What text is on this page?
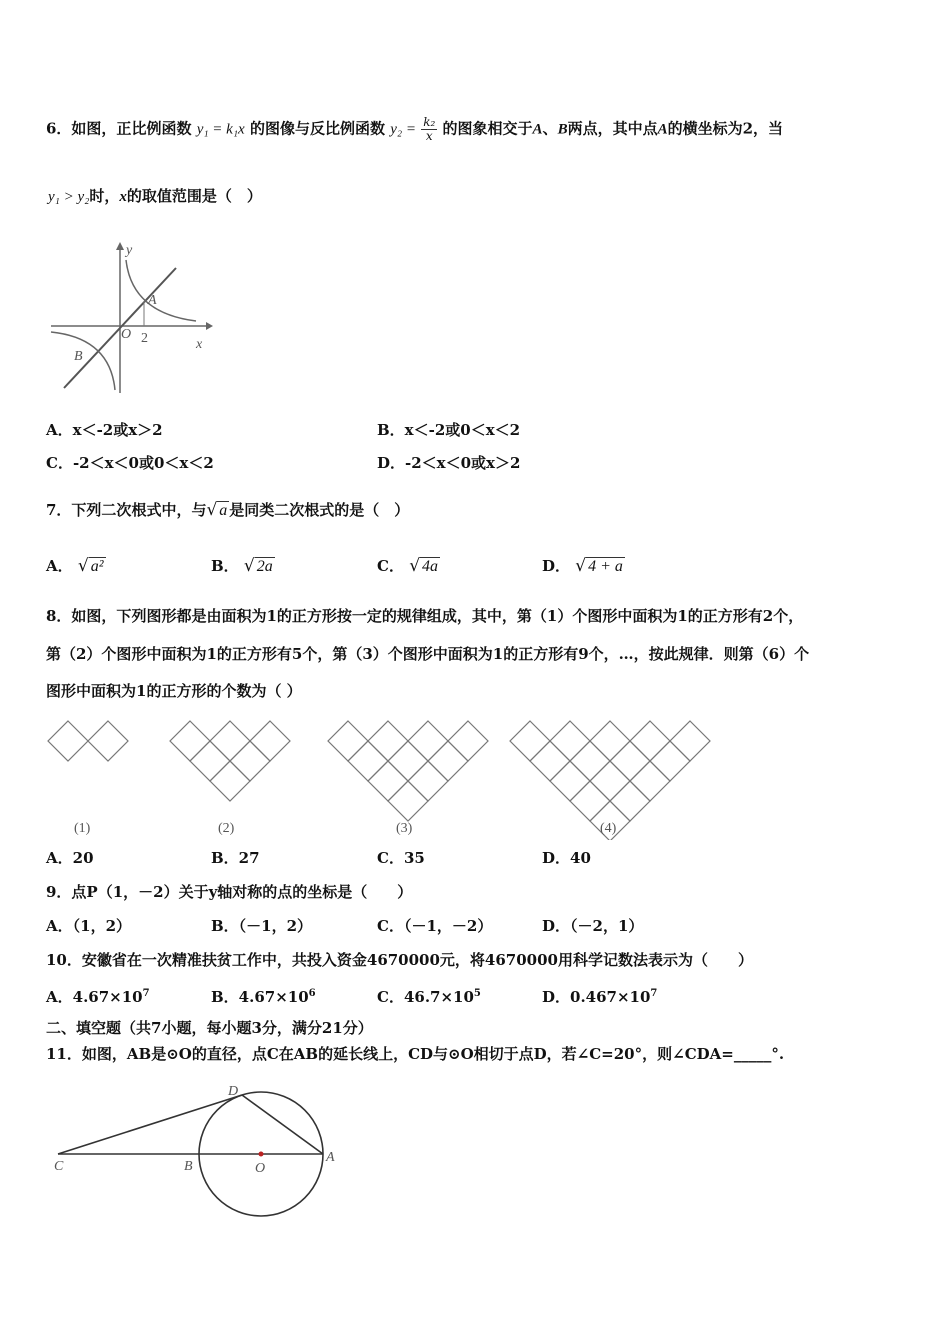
6．如图，正比例函数 y₁ = k₁x 的图像与反比例函数 $y_2 = \frac{\text{k₂}}{x}$ 的图象相交于A、B两点，其中点A的横坐标为2，当
y₁ > y₂时，x的取值范围是（　）
y
x
O
A
2
B
A．x＜-2或x＞2	B．x＜-2或0＜x＜2
C．-2＜x＜0或0＜x＜2	D．-2＜x＜0或x＞2
7．下列二次根式中，与√ a 是同类二次根式的是（　）
A． √ a²	B． √ 2a	C． √ 4a	D． √ 4 + a
8．如图，下列图形都是由面积为1的正方形按一定的规律组成，其中，第（1）个图形中面积为1的正方形有2个，
第（2）个图形中面积为1的正方形有5个，第（3）个图形中面积为1的正方形有9个，…，按此规律．则第（6）个
图形中面积为1的正方形的个数为（ ）
(1)	(2)	(3)	(4)
A．20	B．27	C．35	D．40
9．点P（1，－2）关于y轴对称的点的坐标是（　　）
A．（1，2）	B．（－1，2）	C．（－1，－2）	D．（－2，1）
10．安徽省在一次精准扶贫工作中，共投入资金4670000元，将4670000用科学记数法表示为（　　）
A．$4.67\times 10^7$	B．$4.67\times 10^6$	C．$46.7\times 10^5$	D．$0.467\times 10^7$
二、填空题（共7小题，每小题3分，满分21分）
11．如图，AB是⊙O的直径，点C在AB的延长线上，CD与⊙O相切于点D，若∠C=20°，则∠CDA=_____°.
C	B	O
A
D
